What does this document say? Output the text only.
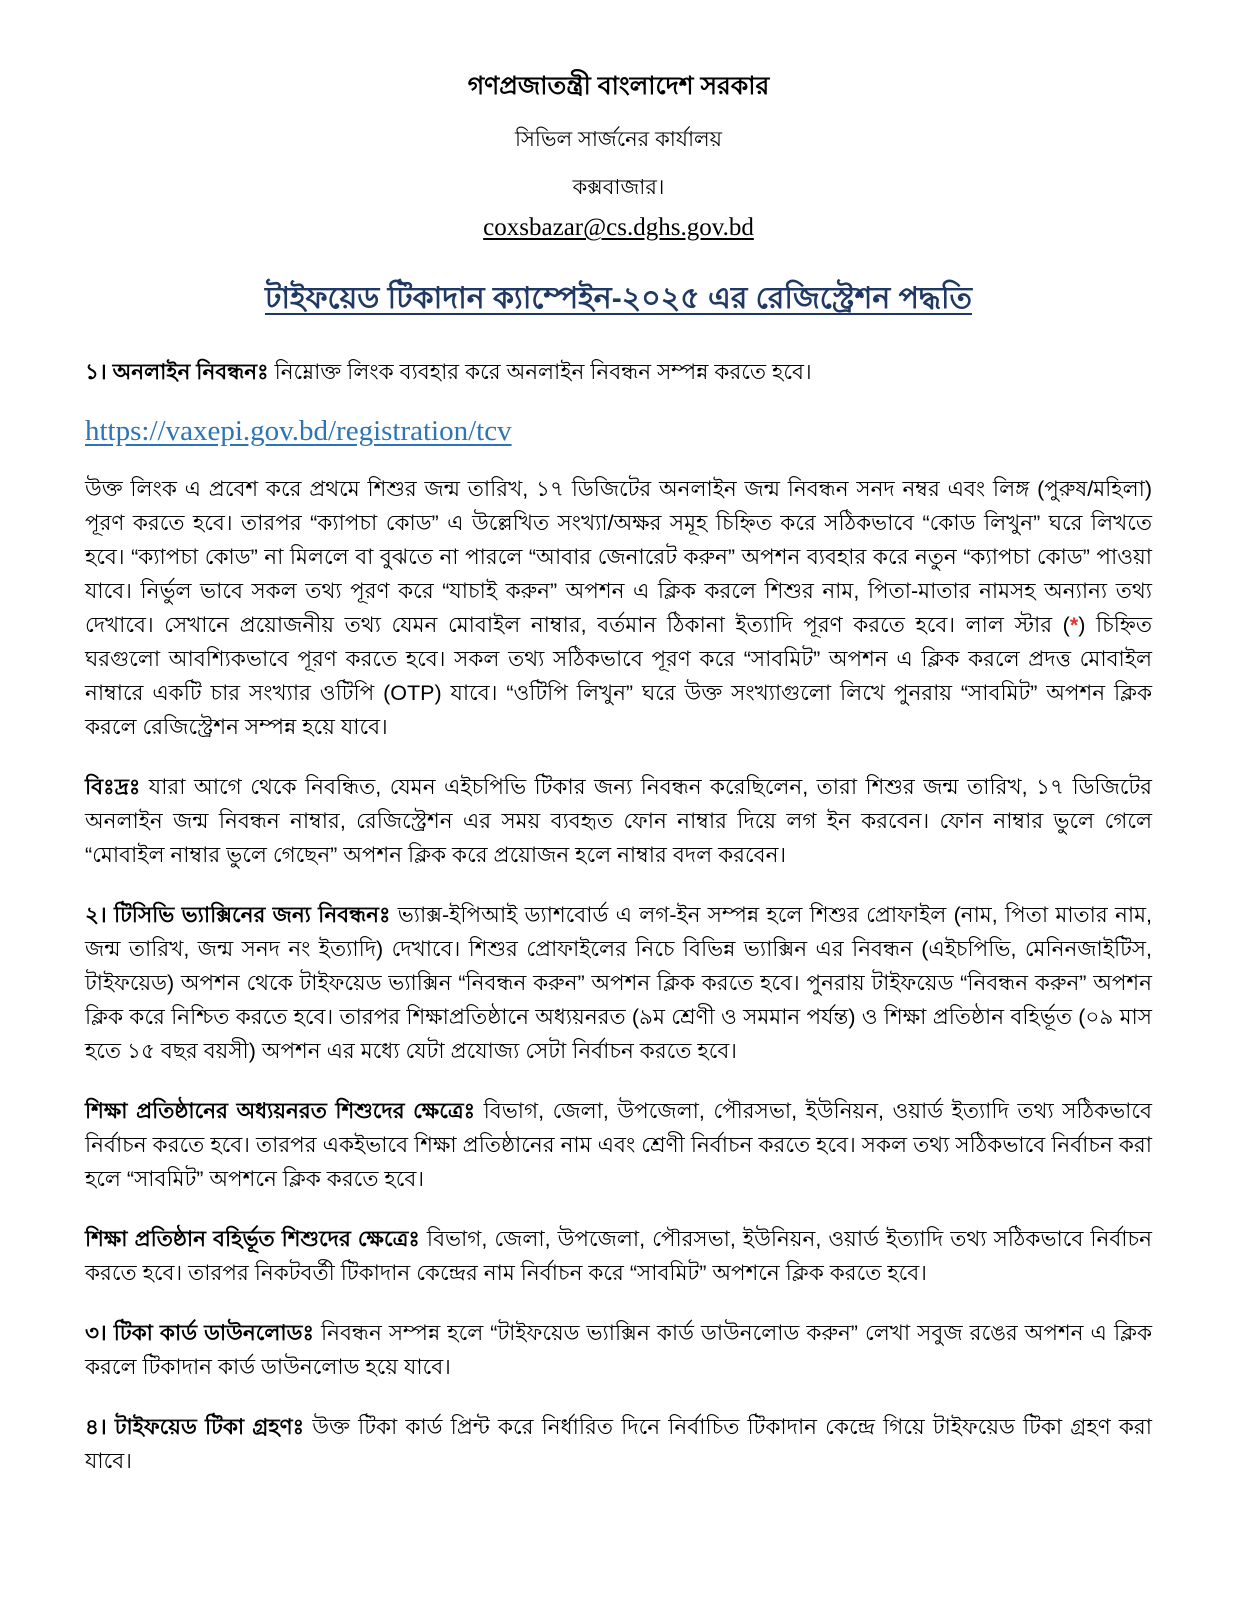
গণপ্রজাতন্ত্রী বাংলাদেশ সরকার
সিভিল সার্জনের কার্যালয়
কক্সবাজার।
coxsbazar@cs.dghs.gov.bd
টাইফয়েড টিকাদান ক্যাম্পেইন-২০২৫ এর রেজিস্ট্রেশন পদ্ধতি

১। অনলাইন নিবন্ধনঃ নিম্নোক্ত লিংক ব্যবহার করে অনলাইন নিবন্ধন সম্পন্ন করতে হবে।

https://vaxepi.gov.bd/registration/tcv

উক্ত লিংক এ প্রবেশ করে প্রথমে শিশুর জন্ম তারিখ, ১৭ ডিজিটের অনলাইন জন্ম নিবন্ধন সনদ নম্বর এবং লিঙ্গ (পুরুষ/মহিলা) পূরণ করতে হবে। তারপর “ক্যাপচা কোড” এ উল্লেখিত সংখ্যা/অক্ষর সমূহ চিহ্নিত করে সঠিকভাবে “কোড লিখুন” ঘরে লিখতে হবে। “ক্যাপচা কোড” না মিললে বা বুঝতে না পারলে “আবার জেনারেট করুন” অপশন ব্যবহার করে নতুন “ক্যাপচা কোড” পাওয়া যাবে। নির্ভুল ভাবে সকল তথ্য পূরণ করে “যাচাই করুন” অপশন এ ক্লিক করলে শিশুর নাম, পিতা-মাতার নামসহ অন্যান্য তথ্য দেখাবে। সেখানে প্রয়োজনীয় তথ্য যেমন মোবাইল নাম্বার, বর্তমান ঠিকানা ইত্যাদি পূরণ করতে হবে। লাল স্টার (*) চিহ্নিত ঘরগুলো আবশ্যিকভাবে পূরণ করতে হবে। সকল তথ্য সঠিকভাবে পূরণ করে “সাবমিট” অপশন এ ক্লিক করলে প্রদত্ত মোবাইল নাম্বারে একটি চার সংখ্যার ওটিপি (OTP) যাবে। “ওটিপি লিখুন” ঘরে উক্ত সংখ্যাগুলো লিখে পুনরায় “সাবমিট” অপশন ক্লিক করলে রেজিস্ট্রেশন সম্পন্ন হয়ে যাবে।

বিঃদ্রঃ যারা আগে থেকে নিবন্ধিত, যেমন এইচপিভি টিকার জন্য নিবন্ধন করেছিলেন, তারা শিশুর জন্ম তারিখ, ১৭ ডিজিটের অনলাইন জন্ম নিবন্ধন নাম্বার, রেজিস্ট্রেশন এর সময় ব্যবহৃত ফোন নাম্বার দিয়ে লগ ইন করবেন। ফোন নাম্বার ভুলে গেলে “মোবাইল নাম্বার ভুলে গেছেন” অপশন ক্লিক করে প্রয়োজন হলে নাম্বার বদল করবেন।

২। টিসিভি ভ্যাক্সিনের জন্য নিবন্ধনঃ ভ্যাক্স-ইপিআই ড্যাশবোর্ড এ লগ-ইন সম্পন্ন হলে শিশুর প্রোফাইল (নাম, পিতা মাতার নাম, জন্ম তারিখ, জন্ম সনদ নং ইত্যাদি) দেখাবে। শিশুর প্রোফাইলের নিচে বিভিন্ন ভ্যাক্সিন এর নিবন্ধন (এইচপিভি, মেনিনজাইটিস, টাইফয়েড) অপশন থেকে টাইফয়েড ভ্যাক্সিন “নিবন্ধন করুন” অপশন ক্লিক করতে হবে। পুনরায় টাইফয়েড “নিবন্ধন করুন” অপশন ক্লিক করে নিশ্চিত করতে হবে। তারপর শিক্ষাপ্রতিষ্ঠানে অধ্যয়নরত (৯ম শ্রেণী ও সমমান পর্যন্ত) ও শিক্ষা প্রতিষ্ঠান বহির্ভূত (০৯ মাস হতে ১৫ বছর বয়সী) অপশন এর মধ্যে যেটা প্রযোজ্য সেটা নির্বাচন করতে হবে।

শিক্ষা প্রতিষ্ঠানের অধ্যয়নরত শিশুদের ক্ষেত্রেঃ বিভাগ, জেলা, উপজেলা, পৌরসভা, ইউনিয়ন, ওয়ার্ড ইত্যাদি তথ্য সঠিকভাবে নির্বাচন করতে হবে। তারপর একইভাবে শিক্ষা প্রতিষ্ঠানের নাম এবং শ্রেণী নির্বাচন করতে হবে। সকল তথ্য সঠিকভাবে নির্বাচন করা হলে “সাবমিট” অপশনে ক্লিক করতে হবে।

শিক্ষা প্রতিষ্ঠান বহির্ভূত শিশুদের ক্ষেত্রেঃ বিভাগ, জেলা, উপজেলা, পৌরসভা, ইউনিয়ন, ওয়ার্ড ইত্যাদি তথ্য সঠিকভাবে নির্বাচন করতে হবে। তারপর নিকটবর্তী টিকাদান কেন্দ্রের নাম নির্বাচন করে “সাবমিট” অপশনে ক্লিক করতে হবে।

৩। টিকা কার্ড ডাউনলোডঃ নিবন্ধন সম্পন্ন হলে “টাইফয়েড ভ্যাক্সিন কার্ড ডাউনলোড করুন” লেখা সবুজ রঙের অপশন এ ক্লিক করলে টিকাদান কার্ড ডাউনলোড হয়ে যাবে।

৪। টাইফয়েড টিকা গ্রহণঃ উক্ত টিকা কার্ড প্রিন্ট করে নির্ধারিত দিনে নির্বাচিত টিকাদান কেন্দ্রে গিয়ে টাইফয়েড টিকা গ্রহণ করা যাবে।
